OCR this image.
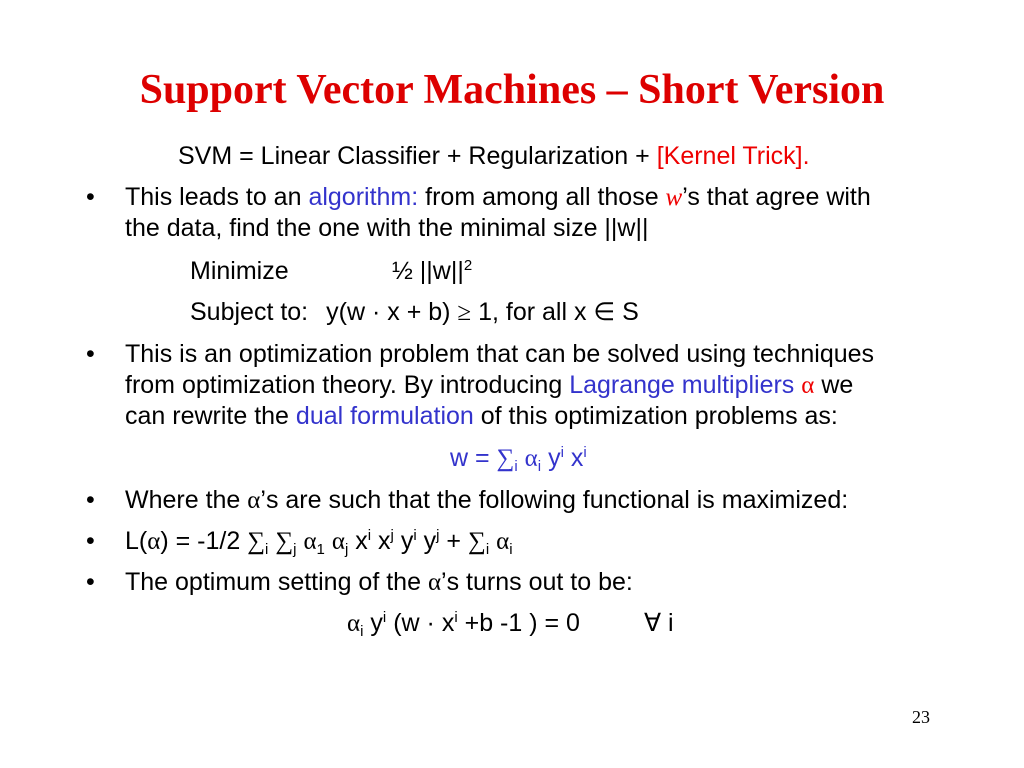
Support Vector Machines – Short Version
SVM = Linear Classifier + Regularization + [Kernel Trick].
• This leads to an algorithm: from among all those w’s that agree with
the data, find the one with the minimal size ||w||
Minimize	½ $||w||^2$
Subject to: y(w · x + b) ≥ 1, for all x ∈ S
• This is an optimization problem that can be solved using techniques
from optimization theory. By introducing Lagrange multipliers α we
can rewrite the dual formulation of this optimization problems as:
$w = \sum_i$ $\alpha_i$ $y^i$ $x^i$
• Where the α’s are such that the following functional is maximized:
• L(α) = -1/2 $\sum_i$ $\sum_j$ $\alpha_1$ $\alpha_j$ $x^i$ $x^j$ $y^i$ $y^j + \sum_i$ $\alpha_i$
• The optimum setting of the α’s turns out to be:
$\alpha_i$ $y^i$ ($w \cdot x^i +b$ -1 ) = 0	∀ i
23
